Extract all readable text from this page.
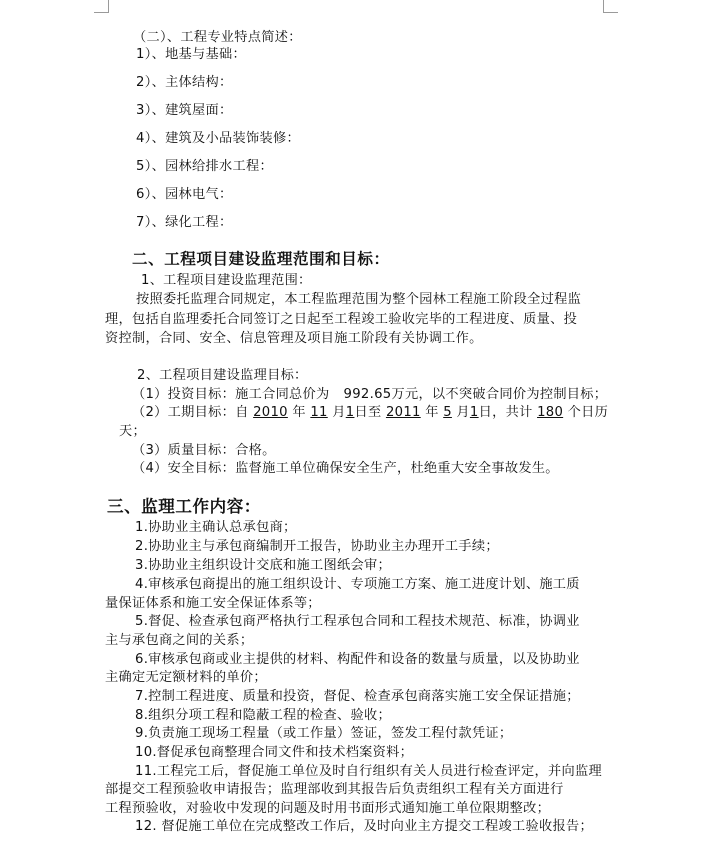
（二）、工程专业特点简述：
1）、地基与基础：
2）、主体结构：
3）、建筑屋面：
4）、建筑及小品装饰装修：
5）、园林给排水工程：
6）、园林电气：
7）、绿化工程：
二、工程项目建设监理范围和目标：
1、工程项目建设监理范围：
按照委托监理合同规定，本工程监理范围为整个园林工程施工阶段全过程监
理，包括自监理委托合同签订之日起至工程竣工验收完毕的工程进度、质量、投
资控制，合同、安全、信息管理及项目施工阶段有关协调工作。
2、工程项目建设监理目标：
（1）投资目标：施工合同总价为 992.65万元，以不突破合同价为控制目标；
（2）工期目标：自 2010 年 11 月1日至 2011 年 5 月1日，共计 180 个日历
天；
（3）质量目标：合格。
（4）安全目标：监督施工单位确保安全生产，杜绝重大安全事故发生。
三、监理工作内容：
1.协助业主确认总承包商；
2.协助业主与承包商编制开工报告，协助业主办理开工手续；
3.协助业主组织设计交底和施工图纸会审；
4.审核承包商提出的施工组织设计、专项施工方案、施工进度计划、施工质
量保证体系和施工安全保证体系等；
5.督促、检查承包商严格执行工程承包合同和工程技术规范、标准，协调业
主与承包商之间的关系；
6.审核承包商或业主提供的材料、构配件和设备的数量与质量，以及协助业
主确定无定额材料的单价；
7.控制工程进度、质量和投资，督促、检查承包商落实施工安全保证措施；
8.组织分项工程和隐蔽工程的检查、验收；
9.负责施工现场工程量（或工作量）签证，签发工程付款凭证；
10.督促承包商整理合同文件和技术档案资料；
11.工程完工后，督促施工单位及时自行组织有关人员进行检查评定，并向监理
部提交工程预验收申请报告；监理部收到其报告后负责组织工程有关方面进行
工程预验收，对验收中发现的问题及时用书面形式通知施工单位限期整改；
12. 督促施工单位在完成整改工作后，及时向业主方提交工程竣工验收报告；
